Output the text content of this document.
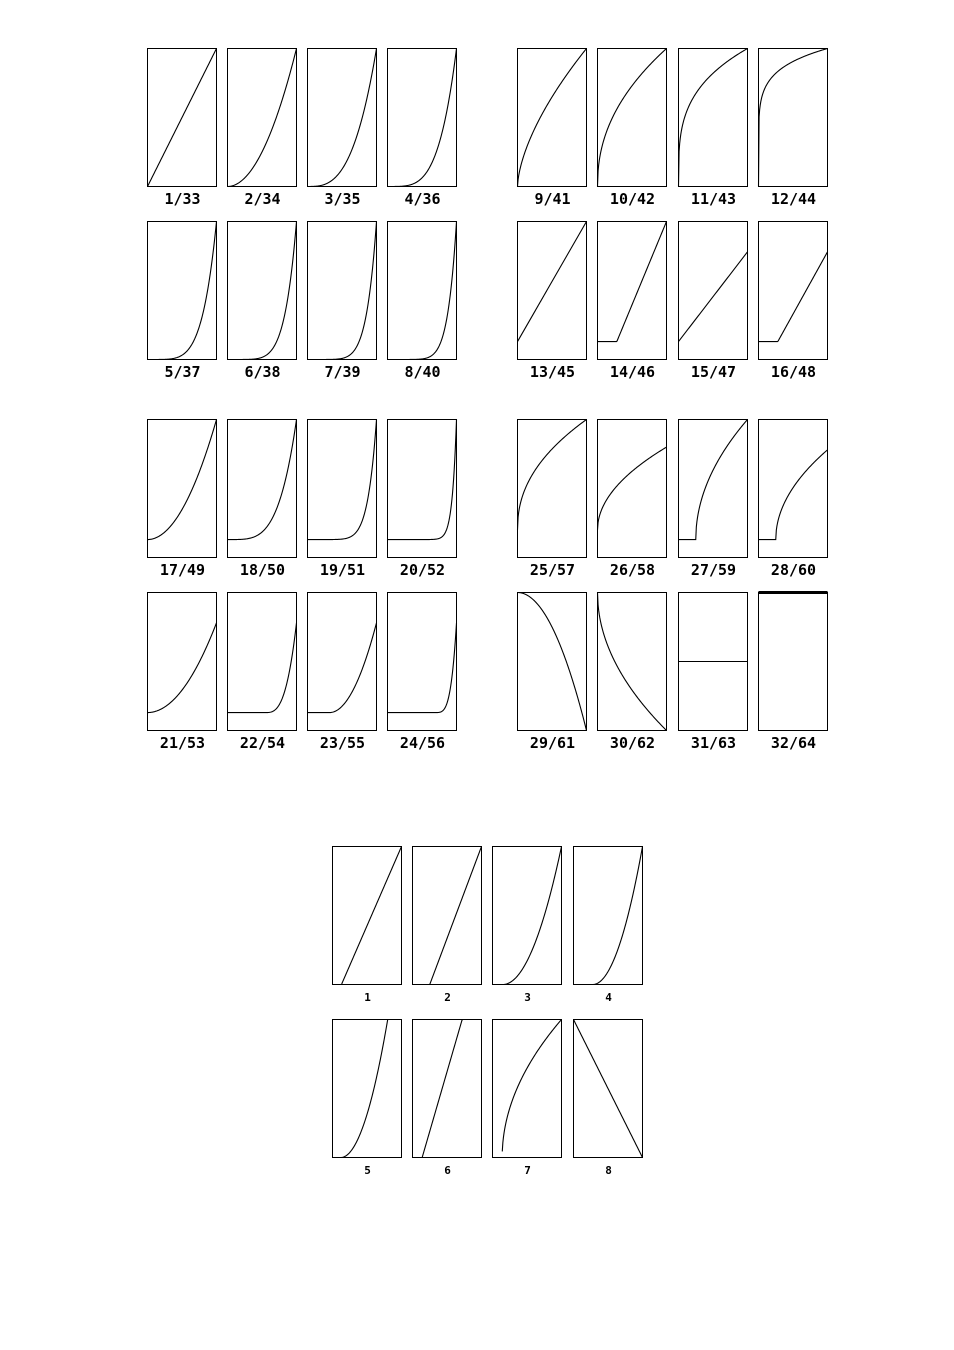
1/33	2/34	3/35	4/36
5/37	6/38	7/39	8/40
9/41	10/42 11/43 12/44
13/45 14/46 15/47 16/48
17/49 18/50 19/51 20/52
21/53 22/54 23/55 24/56
25/57 26/58 27/59 28/60
29/61 30/62 31/63 32/64
1	2	3	4
5	6	7	8
